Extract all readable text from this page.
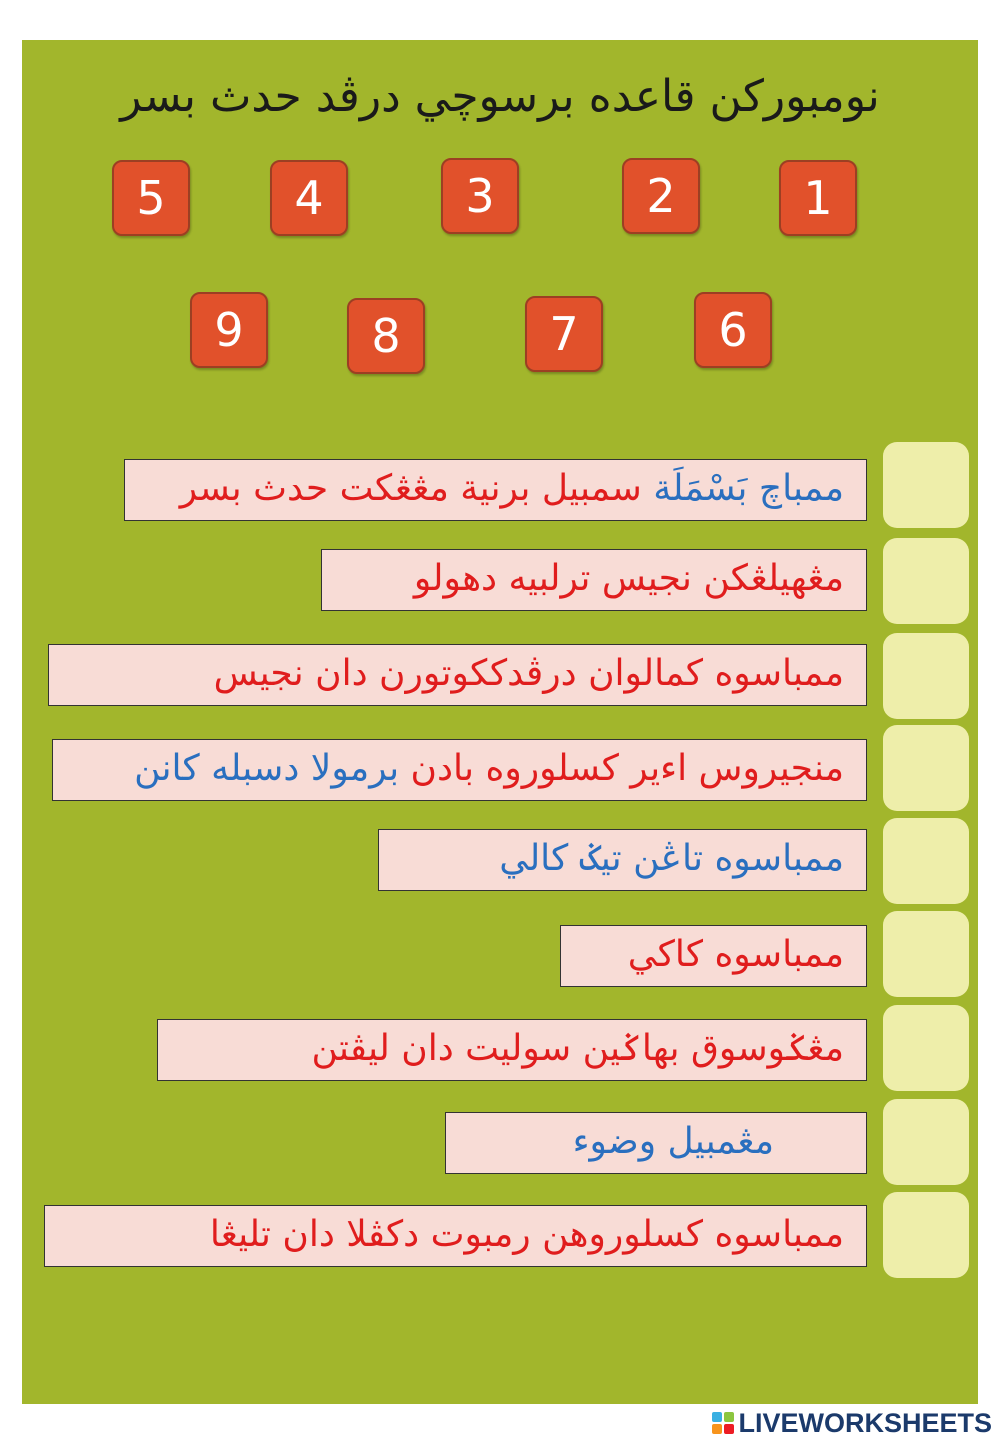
نومبوركن قاعده برسوچي درڤد حدث بسر
1
2
3
4
5
6
7
8
9
ممباچ بَسْمَلَة سمبيل برنية مڠڠكت حدث بسر
مڠهيلڠكن نجيس ترلبيه دهولو
ممباسوه كمالوان درڤدككوتورن دان نجيس
منجيروس اءير كسلوروه بادن برمولا دسبله كانن
ممباسوه تاڠن تيݢ كالي
ممباسوه كاكي
مڠݢوسوق بهاݢين سوليت دان ليڤتن
مڠمبيل وضوء
ممباسوه كسلوروهن رمبوت دكڤلا دان تليڠا
LIVEWORKSHEETS
